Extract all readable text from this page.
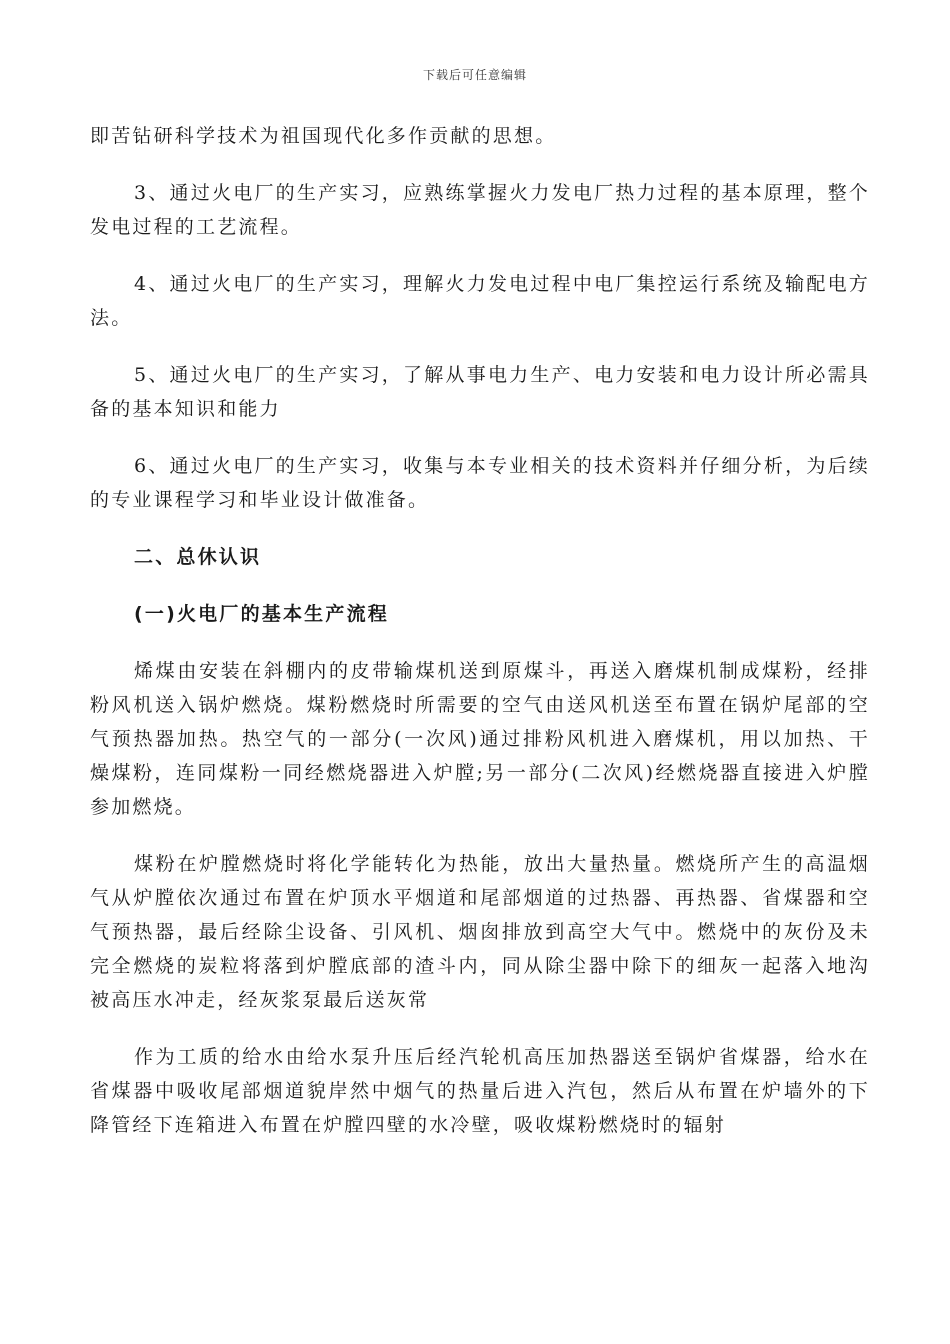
下载后可任意编辑

即苦钻研科学技术为祖国现代化多作贡献的思想。

3、通过火电厂的生产实习，应熟练掌握火力发电厂热力过程的基本原理，整个发电过程的工艺流程。

4、通过火电厂的生产实习，理解火力发电过程中电厂集控运行系统及输配电方法。

5、通过火电厂的生产实习，了解从事电力生产、电力安装和电力设计所必需具备的基本知识和能力

6、通过火电厂的生产实习，收集与本专业相关的技术资料并仔细分析，为后续的专业课程学习和毕业设计做准备。

二、总休认识

(一)火电厂的基本生产流程

烯煤由安装在斜棚内的皮带输煤机送到原煤斗，再送入磨煤机制成煤粉，经排粉风机送入锅炉燃烧。煤粉燃烧时所需要的空气由送风机送至布置在锅炉尾部的空气预热器加热。热空气的一部分(一次风)通过排粉风机进入磨煤机，用以加热、干燥煤粉，连同煤粉一同经燃烧器进入炉膛;另一部分(二次风)经燃烧器直接进入炉膛参加燃烧。

煤粉在炉膛燃烧时将化学能转化为热能，放出大量热量。燃烧所产生的高温烟气从炉膛依次通过布置在炉顶水平烟道和尾部烟道的过热器、再热器、省煤器和空气预热器，最后经除尘设备、引风机、烟囱排放到高空大气中。燃烧中的灰份及未完全燃烧的炭粒将落到炉膛底部的渣斗内，同从除尘器中除下的细灰一起落入地沟被高压水冲走，经灰浆泵最后送灰常

作为工质的给水由给水泵升压后经汽轮机高压加热器送至锅炉省煤器，给水在省煤器中吸收尾部烟道貌岸然中烟气的热量后进入汽包，然后从布置在炉墙外的下降管经下连箱进入布置在炉膛四壁的水冷壁，吸收煤粉燃烧时的辐射
